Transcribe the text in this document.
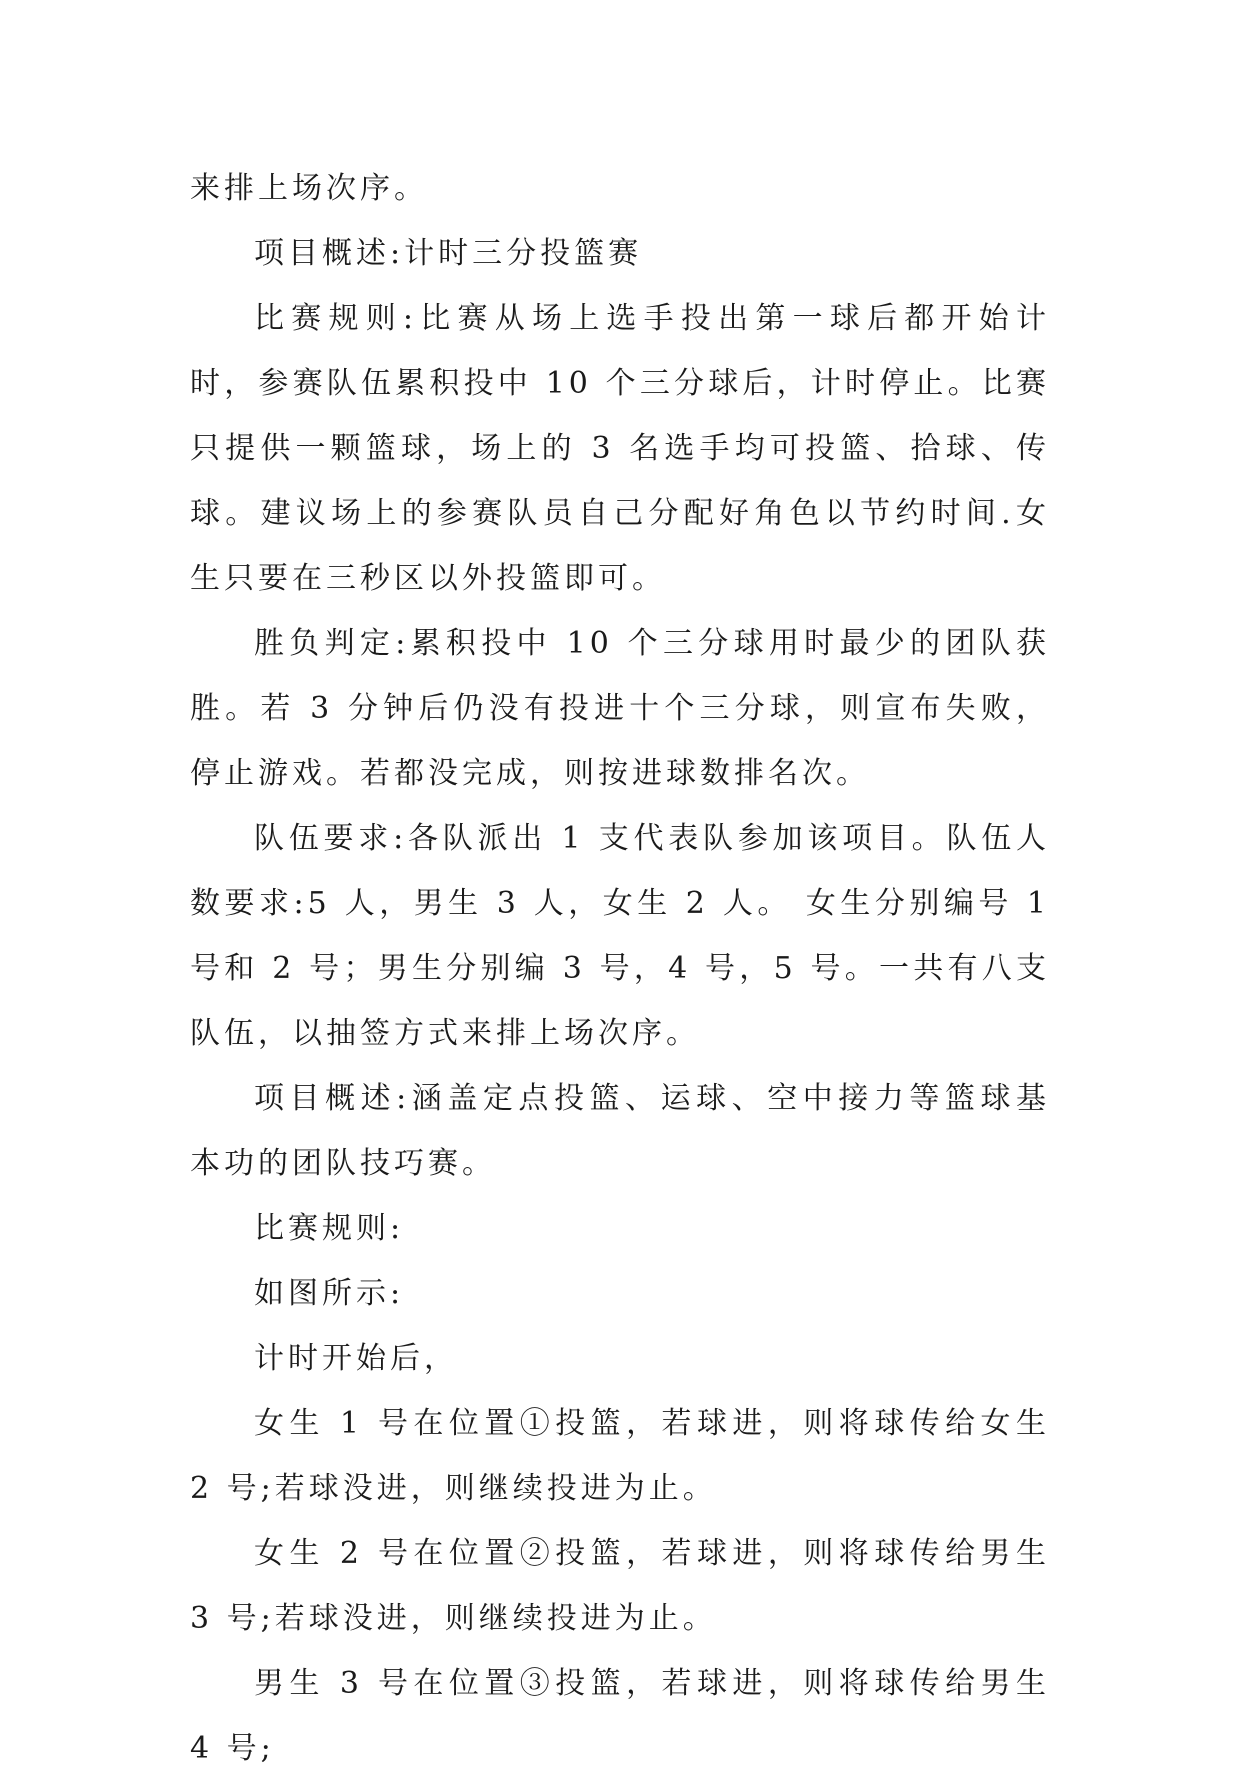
来排上场次序。

项目概述:计时三分投篮赛

比赛规则:比赛从场上选手投出第一球后都开始计时，参赛队伍累积投中 10 个三分球后，计时停止。比赛只提供一颗篮球，场上的 3 名选手均可投篮、拾球、传球。建议场上的参赛队员自己分配好角色以节约时间.女生只要在三秒区以外投篮即可。

胜负判定:累积投中 10 个三分球用时最少的团队获胜。若 3 分钟后仍没有投进十个三分球，则宣布失败，停止游戏。若都没完成，则按进球数排名次。

队伍要求:各队派出 1 支代表队参加该项目。队伍人数要求:5 人，男生 3 人，女生 2 人。 女生分别编号 1 号和 2 号；男生分别编 3 号，4 号，5 号。一共有八支队伍，以抽签方式来排上场次序。

项目概述:涵盖定点投篮、运球、空中接力等篮球基本功的团队技巧赛。

比赛规则:

如图所示:

计时开始后，

女生 1 号在位置①投篮，若球进，则将球传给女生 2 号;若球没进，则继续投进为止。

女生 2 号在位置②投篮，若球进，则将球传给男生 3 号;若球没进，则继续投进为止。

男生 3 号在位置③投篮，若球进，则将球传给男生 4 号;
